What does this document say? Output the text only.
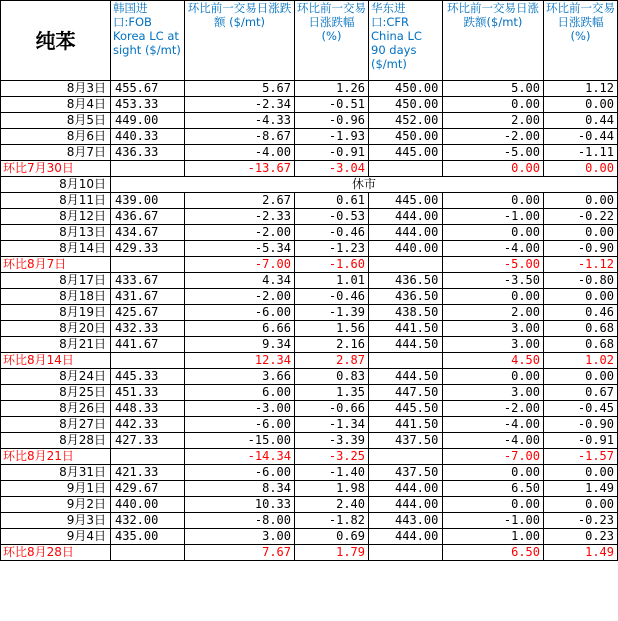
纯苯	韩国进口:FOB Korea LC at sight ($/mt)	环比前一交易日涨跌额 ($/mt)	环比前一交易日涨跌幅 (%)	华东进口:CFR China LC 90 days ($/mt)	环比前一交易日涨跌额($/mt)	环比前一交易日涨跌幅 (%)
8月3日	455.67	5.67	1.26	450.00	5.00	1.12
8月4日	453.33	-2.34	-0.51	450.00	0.00	0.00
8月5日	449.00	-4.33	-0.96	452.00	2.00	0.44
8月6日	440.33	-8.67	-1.93	450.00	-2.00	-0.44
8月7日	436.33	-4.00	-0.91	445.00	-5.00	-1.11
环比7月30日		-13.67	-3.04		0.00	0.00
8月10日	休市					
8月11日	439.00	2.67	0.61	445.00	0.00	0.00
8月12日	436.67	-2.33	-0.53	444.00	-1.00	-0.22
8月13日	434.67	-2.00	-0.46	444.00	0.00	0.00
8月14日	429.33	-5.34	-1.23	440.00	-4.00	-0.90
环比8月7日		-7.00	-1.60		-5.00	-1.12
8月17日	433.67	4.34	1.01	436.50	-3.50	-0.80
8月18日	431.67	-2.00	-0.46	436.50	0.00	0.00
8月19日	425.67	-6.00	-1.39	438.50	2.00	0.46
8月20日	432.33	6.66	1.56	441.50	3.00	0.68
8月21日	441.67	9.34	2.16	444.50	3.00	0.68
环比8月14日		12.34	2.87		4.50	1.02
8月24日	445.33	3.66	0.83	444.50	0.00	0.00
8月25日	451.33	6.00	1.35	447.50	3.00	0.67
8月26日	448.33	-3.00	-0.66	445.50	-2.00	-0.45
8月27日	442.33	-6.00	-1.34	441.50	-4.00	-0.90
8月28日	427.33	-15.00	-3.39	437.50	-4.00	-0.91
环比8月21日		-14.34	-3.25		-7.00	-1.57
8月31日	421.33	-6.00	-1.40	437.50	0.00	0.00
9月1日	429.67	8.34	1.98	444.00	6.50	1.49
9月2日	440.00	10.33	2.40	444.00	0.00	0.00
9月3日	432.00	-8.00	-1.82	443.00	-1.00	-0.23
9月4日	435.00	3.00	0.69	444.00	1.00	0.23
环比8月28日		7.67	1.79		6.50	1.49
